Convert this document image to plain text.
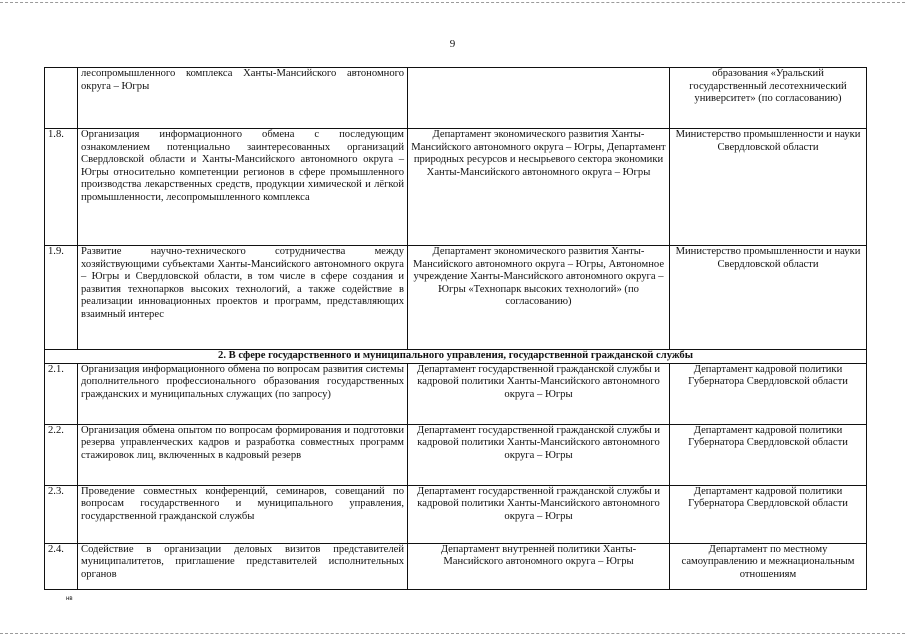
9
	лесопромышленного комплекса Ханты-Мансийского автономного округа – Югры		образования «Уральский государственный лесотехнический университет» (по согласованию)
1.8.	Организация информационного обмена с последующим ознакомлением потенциально заинтересованных организаций Свердловской области и Ханты-Мансийского автономного округа – Югры относительно компетенции регионов в сфере промышленного производства лекарственных средств, продукции химической и лёгкой промышленности, лесопромышленного комплекса	Департамент экономического развития Ханты-Мансийского автономного округа – Югры, Департамент природных ресурсов и несырьевого сектора экономики Ханты-Мансийского автономного округа – Югры	Министерство промышленности и науки Свердловской области
1.9.	Развитие научно-технического сотрудничества между хозяйствующими субъектами Ханты-Мансийского автономного округа – Югры и Свердловской области, в том числе в сфере создания и развития технопарков высоких технологий, а также содействие в реализации инновационных проектов и программ, представляющих взаимный интерес	Департамент экономического развития Ханты-Мансийского автономного округа – Югры, Автономное учреждение Ханты-Мансийского автономного округа – Югры «Технопарк высоких технологий» (по согласованию)	Министерство промышленности и науки Свердловской области
2. В сфере государственного и муниципального управления, государственной гражданской службы			
2.1.	Организация информационного обмена по вопросам развития системы дополнительного профессионального образования государственных гражданских и муниципальных служащих (по запросу)	Департамент государственной гражданской службы и кадровой политики Ханты-Мансийского автономного округа – Югры	Департамент кадровой политики Губернатора Свердловской области
2.2.	Организация обмена опытом по вопросам формирования и подготовки резерва управленческих кадров и разработка совместных программ стажировок лиц, включенных в кадровый резерв	Департамент государственной гражданской службы и кадровой политики Ханты-Мансийского автономного округа – Югры	Департамент кадровой политики Губернатора Свердловской области
2.3.	Проведение совместных конференций, семинаров, совещаний по вопросам государственного и муниципального управления, государственной гражданской службы	Департамент государственной гражданской службы и кадровой политики Ханты-Мансийского автономного округа – Югры	Департамент кадровой политики Губернатора Свердловской области
2.4.	Содействие в организации деловых визитов представителей муниципалитетов, приглашение представителей исполнительных органов	Департамент внутренней политики Ханты-Мансийского автономного округа – Югры	Департамент по местному самоуправлению и межнациональным отношениям
нв
